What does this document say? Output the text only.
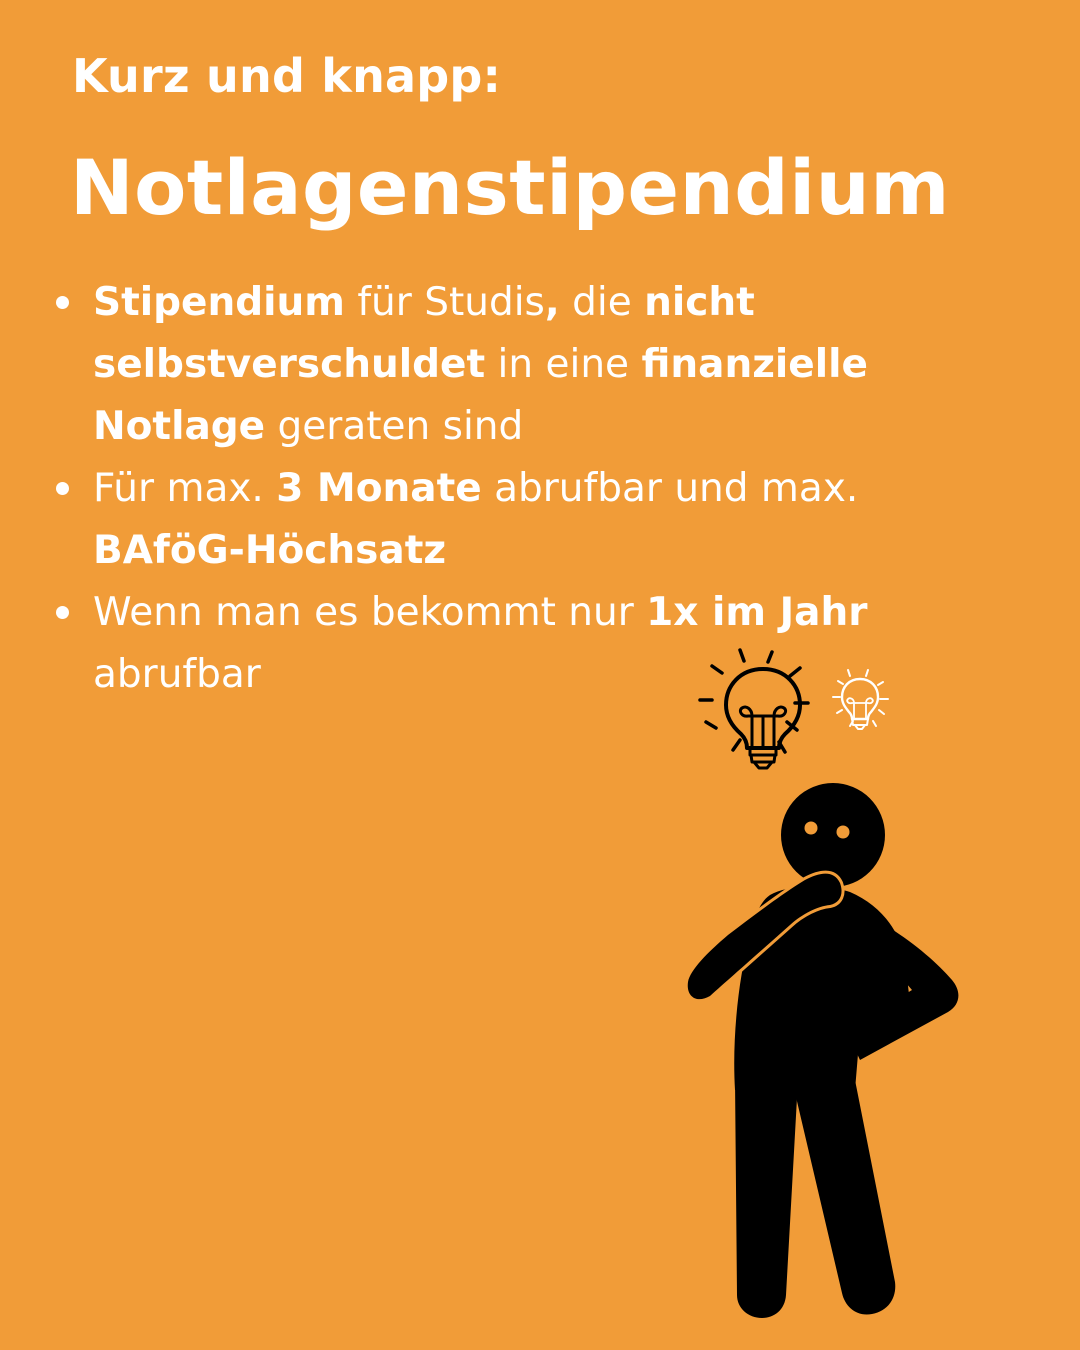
Kurz und knapp:
Notlagenstipendium
Stipendium für Studis, die nicht selbstverschuldet in eine finanzielle Notlage geraten sind
Für max. 3 Monate abrufbar und max. BAföG-Höchsatz
Wenn man es bekommt nur 1x im Jahr abrufbar
